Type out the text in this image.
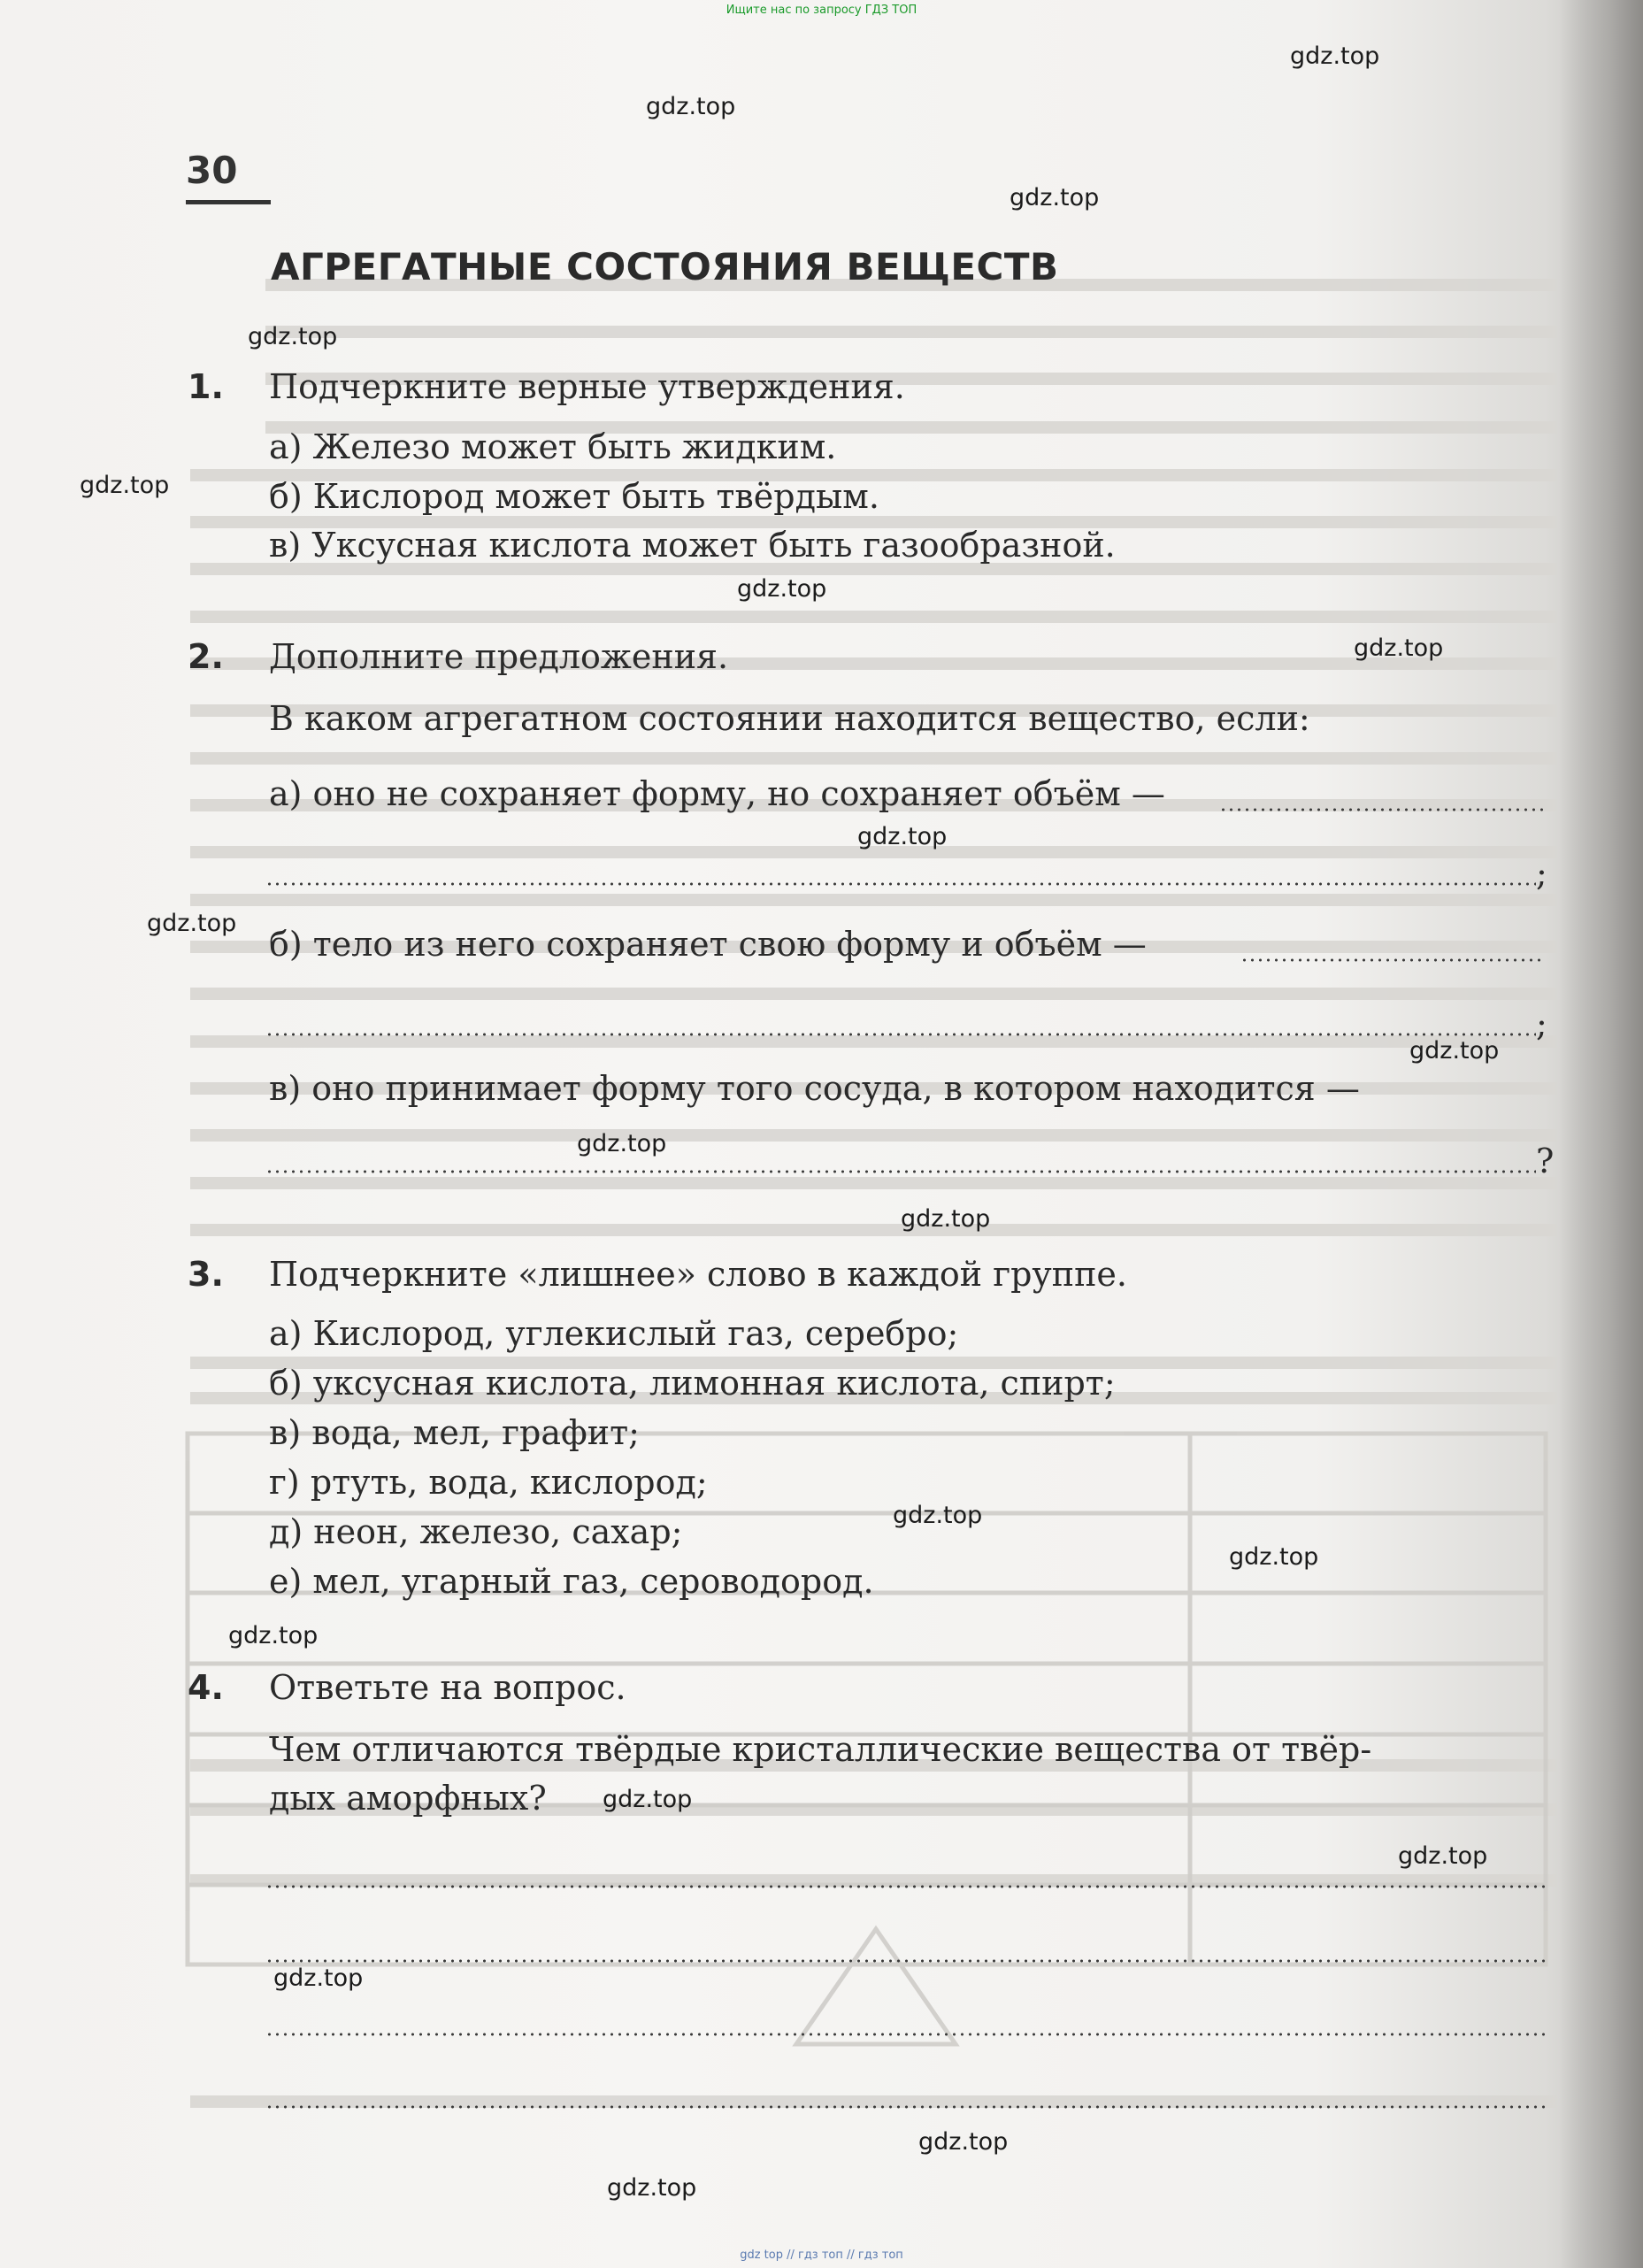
Ищите нас по запросу ГДЗ ТОП
30
АГРЕГАТНЫЕ СОСТОЯНИЯ ВЕЩЕСТВ
1. Подчеркните верные утверждения.
а) Железо может быть жидким.
б) Кислород может быть твёрдым.
в) Уксусная кислота может быть газообразной.
2. Дополните предложения.
В каком агрегатном состоянии находится вещество, если:
а) оно не сохраняет форму, но сохраняет объём —
;
б) тело из него сохраняет свою форму и объём —
;
в) оно принимает форму того сосуда, в котором находится —
?
3. Подчеркните «лишнее» слово в каждой группе.
а) Кислород, углекислый газ, серебро;
б) уксусная кислота, лимонная кислота, спирт;
в) вода, мел, графит;
г) ртуть, вода, кислород;
д) неон, железо, сахар;
е) мел, угарный газ, сероводород.
4. Ответьте на вопрос.
Чем отличаются твёрдые кристаллические вещества от твёр-
дых аморфных?
gdz.top
gdz.top
gdz.top
gdz.top
gdz.top
gdz.top
gdz.top
gdz.top
gdz.top
gdz.top
gdz.top
gdz.top
gdz.top
gdz.top
gdz.top
gdz.top
gdz.top
gdz.top
gdz.top
gdz.top
gdz top // гдз топ // гдз топ
